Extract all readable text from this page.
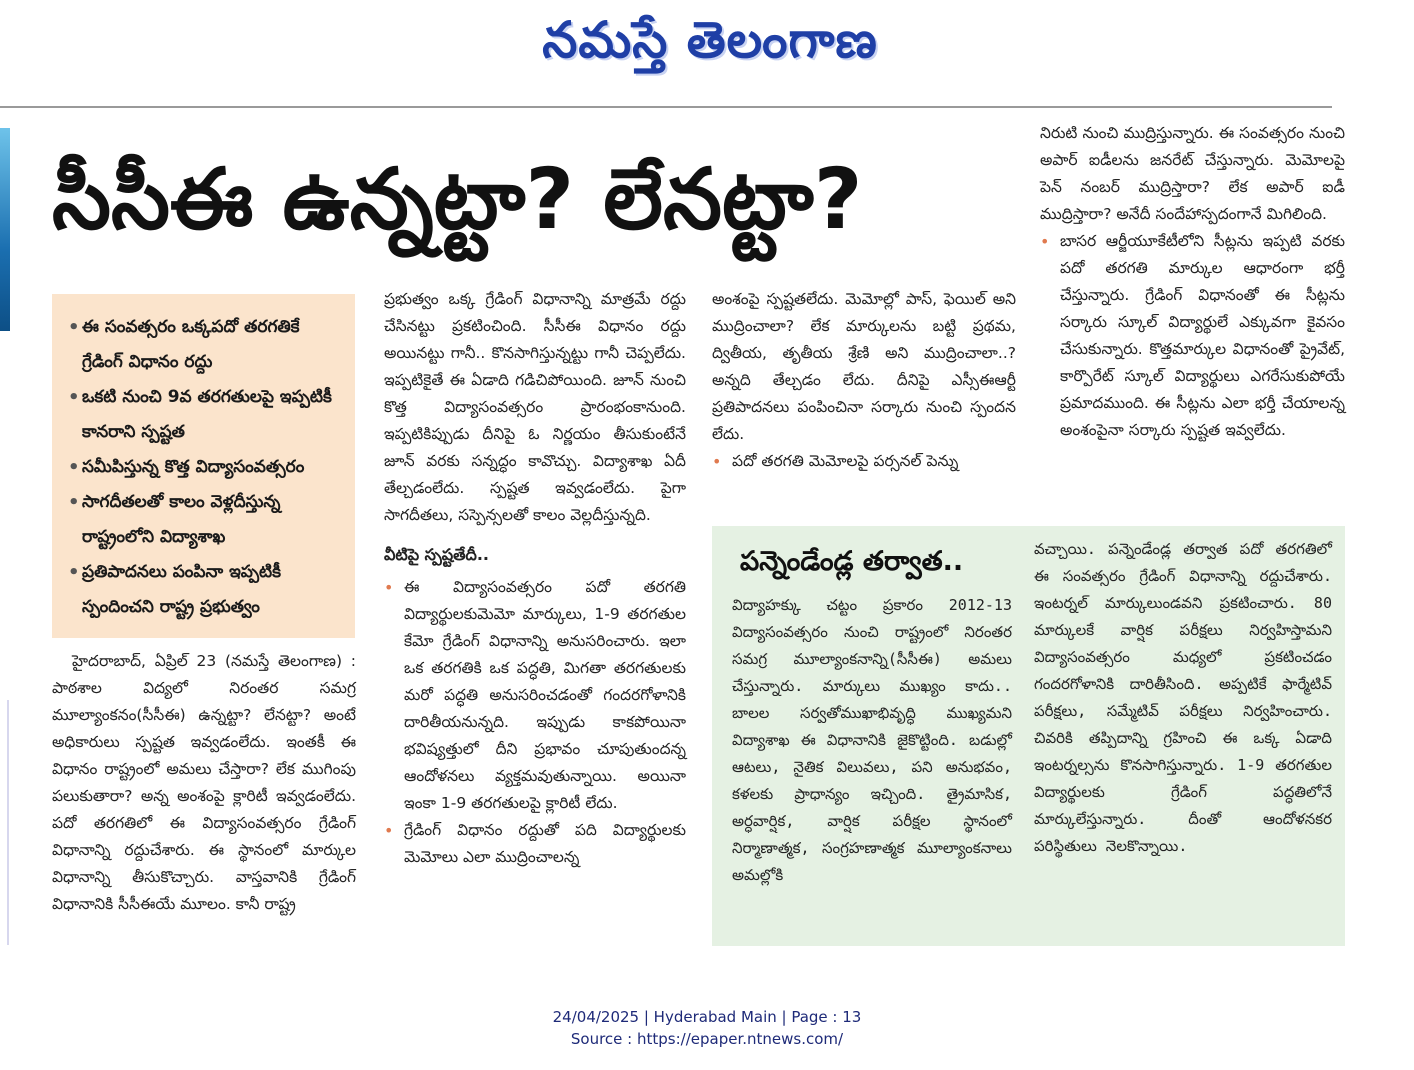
నమస్తే తెలంగాణ
సీసీఈ ఉన్నట్టా? లేనట్టా?
• ఈ సంవత్సరం ఒక్కపదో తరగతికే గ్రేడింగ్ విధానం రద్దు
• ఒకటి నుంచి 9వ తరగతులపై ఇప్పటికీ కానరాని స్పష్టత
• సమీపిస్తున్న కొత్త విద్యాసంవత్సరం
• సాగదీతలతో కాలం వెళ్లదీస్తున్న రాష్ట్రంలోని విద్యాశాఖ
• ప్రతిపాదనలు పంపినా ఇప్పటికీ స్పందించని రాష్ట్ర ప్రభుత్వం

హైదరాబాద్, ఏప్రిల్ 23 (నమస్తే తెలంగాణ) : పాఠశాల విద్యలో నిరంతర సమగ్ర మూల్యాంకనం(సీసీఈ) ఉన్నట్టా? లేనట్టా? అంటే అధికారులు స్పష్టత ఇవ్వడంలేదు. ఇంతకీ ఈ విధానం రాష్ట్రంలో అమలు చేస్తారా? లేక ముగింపు పలుకుతారా? అన్న అంశంపై క్లారిటీ ఇవ్వడంలేదు. పదో తరగతిలో ఈ విద్యాసంవత్సరం గ్రేడింగ్ విధానాన్ని రద్దుచేశారు. ఈ స్థానంలో మార్కుల విధానాన్ని తీసుకొచ్చారు. వాస్తవానికి గ్రేడింగ్ విధానానికి సీసీఈయే మూలం. కానీ రాష్ట్ర

ప్రభుత్వం ఒక్క గ్రేడింగ్ విధానాన్ని మాత్రమే రద్దు చేసినట్టు ప్రకటించింది. సీసీఈ విధానం రద్దు అయినట్టు గానీ.. కొనసాగిస్తున్నట్టు గానీ చెప్పలేదు. ఇప్పటికైతే ఈ ఏడాది గడిచిపోయింది. జూన్ నుంచి కొత్త విద్యాసంవత్సరం ప్రారంభంకానుంది. ఇప్పటికిప్పుడు దీనిపై ఓ నిర్ణయం తీసుకుంటేనే జూన్ వరకు సన్నద్ధం కావొచ్చు. విద్యాశాఖ ఏదీ తేల్చడంలేదు. స్పష్టత ఇవ్వడంలేదు. పైగా సాగదీతలు, సస్పెన్సలతో కాలం వెల్లదీస్తున్నది.

వీటిపై స్పష్టతేదీ..

• ఈ విద్యాసంవత్సరం పదో తరగతి విద్యార్థులకుమెమో మార్కులు, 1-9 తరగతుల కేమో గ్రేడింగ్ విధానాన్ని అనుసరించారు. ఇలా ఒక తరగతికి ఒక పద్ధతి, మిగతా తరగతులకు మరో పద్ధతి అనుసరించడంతో గందరగోళానికి దారితీయనున్నది. ఇప్పుడు కాకపోయినా భవిష్యత్తులో దీని ప్రభావం చూపుతుందన్న ఆందోళనలు వ్యక్తమవుతున్నాయి. అయినా ఇంకా 1-9 తరగతులపై క్లారిటీ లేదు.

• గ్రేడింగ్ విధానం రద్దుతో పది విద్యార్థులకు మెమోలు ఎలా ముద్రించాలన్న

అంశంపై స్పష్టతలేదు. మెమోల్లో పాస్, ఫెయిల్ అని ముద్రించాలా? లేక మార్కులను బట్టి ప్రథమ, ద్వితీయ, తృతీయ శ్రేణి అని ముద్రించాలా..? అన్నది తేల్చడం లేదు. దీనిపై ఎస్సీఈఆర్టీ ప్రతిపాదనలు పంపించినా సర్కారు నుంచి స్పందన లేదు.

• పదో తరగతి మెమోలపై పర్సనల్ పెన్ను

నిరుటి నుంచి ముద్రిస్తున్నారు. ఈ సంవత్సరం నుంచి అపార్ ఐడీలను జనరేట్ చేస్తున్నారు. మెమోలపై పెన్ నంబర్ ముద్రిస్తారా? లేక అపార్ ఐడీ ముద్రిస్తారా? అనేదీ సందేహాస్పదంగానే మిగిలింది.

• బాసర ఆర్జీయూకేటీలోని సీట్లను ఇప్పటి వరకు పదో తరగతి మార్కుల ఆధారంగా భర్తీ చేస్తున్నారు. గ్రేడింగ్ విధానంతో ఈ సీట్లను సర్కారు స్కూల్ విద్యార్థులే ఎక్కువగా కైవసం చేసుకున్నారు. కొత్తమార్కుల విధానంతో ప్రైవేట్, కార్పొరేట్ స్కూల్ విద్యార్థులు ఎగరేసుకుపోయే ప్రమాదముంది. ఈ సీట్లను ఎలా భర్తీ చేయాలన్న అంశంపైనా సర్కారు స్పష్టత ఇవ్వలేదు.

పన్నెండేండ్ల తర్వాత..

విద్యాహక్కు చట్టం ప్రకారం 2012-13 విద్యాసంవత్సరం నుంచి రాష్ట్రంలో నిరంతర సమగ్ర మూల్యాంకనాన్ని(సీసీఈ) అమలు చేస్తున్నారు. మార్కులు ముఖ్యం కాదు.. బాలల సర్వతోముఖాభివృద్ధి ముఖ్యమని విద్యాశాఖ ఈ విధానానికి జైకొట్టింది. బడుల్లో ఆటలు, నైతిక విలువలు, పని అనుభవం, కళలకు ప్రాధాన్యం ఇచ్చింది. త్రైమాసిక, అర్ధవార్షిక, వార్షిక పరీక్షల స్థానంలో నిర్మాణాత్మక, సంగ్రహణాత్మక మూల్యాంకనాలు అమల్లోకి

వచ్చాయి. పన్నెండేండ్ల తర్వాత పదో తరగతిలో ఈ సంవత్సరం గ్రేడింగ్ విధానాన్ని రద్దుచేశారు. ఇంటర్నల్ మార్కులుండవని ప్రకటించారు. 80 మార్కులకే వార్షిక పరీక్షలు నిర్వహిస్తామని విద్యాసంవత్సరం మధ్యలో ప్రకటించడం గందరగోళానికి దారితీసింది. అప్పటికే ఫార్మేటివ్ పరీక్షలు, సమ్మేటివ్ పరీక్షలు నిర్వహించారు. చివరికి తప్పిదాన్ని గ్రహించి ఈ ఒక్క ఏడాది ఇంటర్నల్సను కొనసాగిస్తున్నారు. 1-9 తరగతుల విద్యార్థులకు గ్రేడింగ్ పద్ధతిలోనే మార్కులేస్తున్నారు. దీంతో ఆందోళనకర పరిస్థితులు నెలకొన్నాయి.

24/04/2025 | Hyderabad Main | Page : 13
Source : https://epaper.ntnews.com/
